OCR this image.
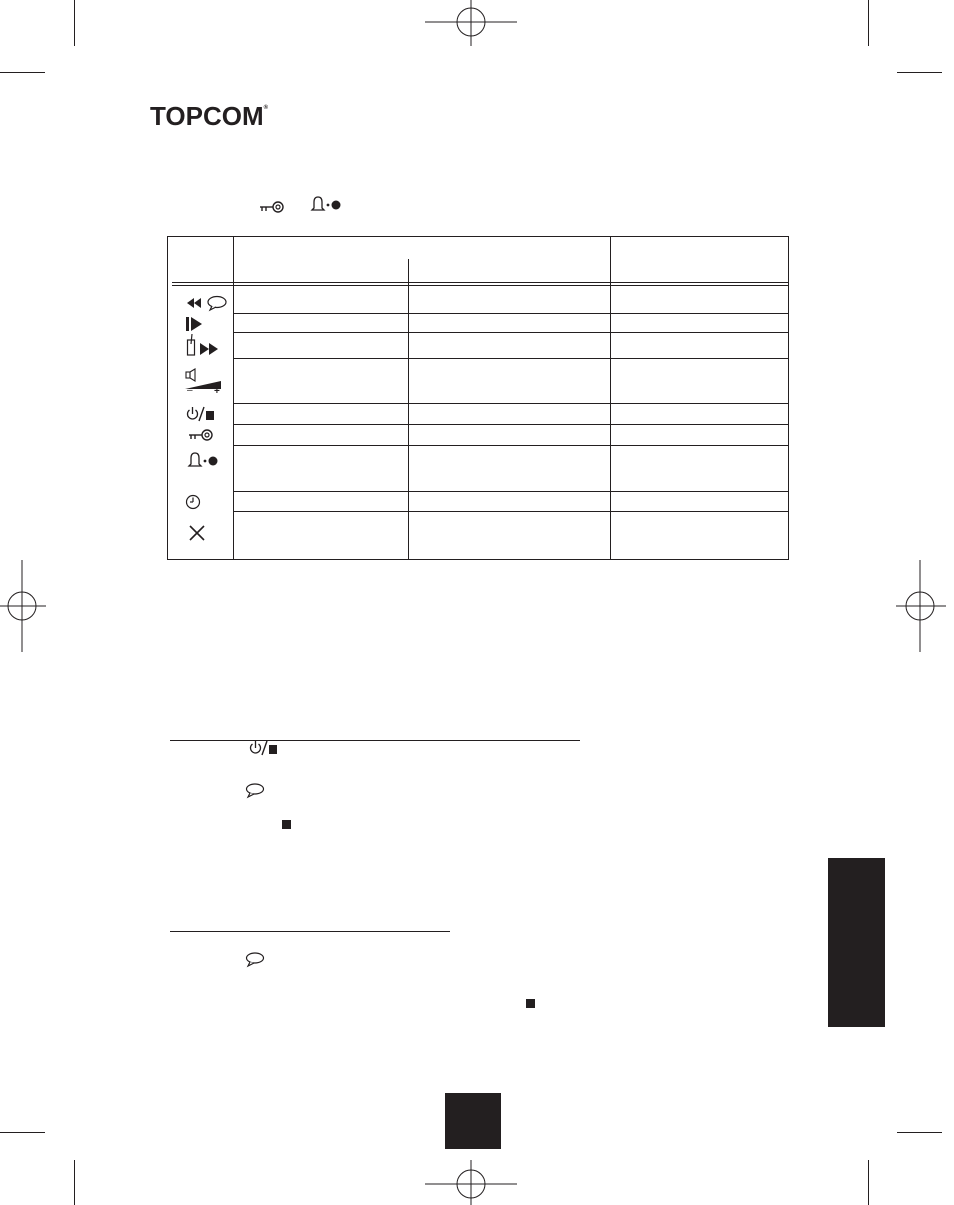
TOPCOM®
– +
